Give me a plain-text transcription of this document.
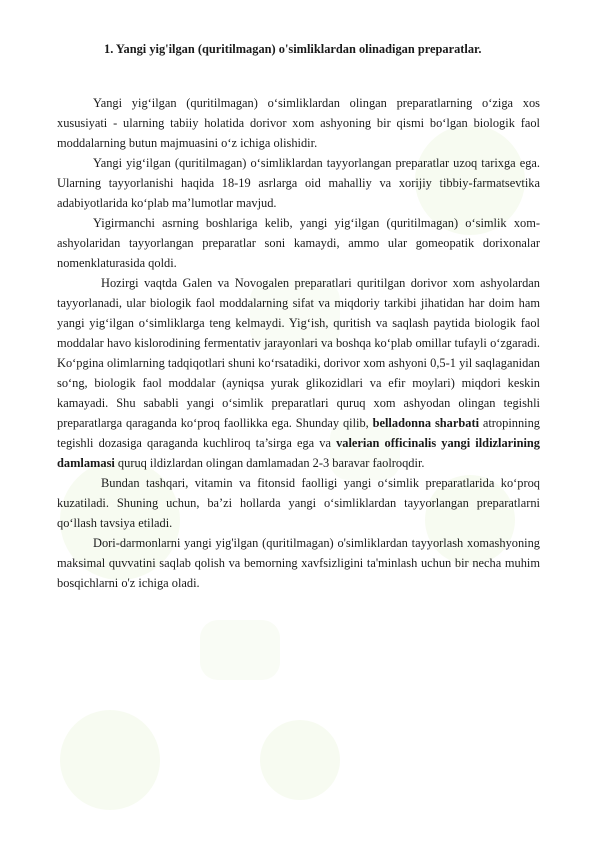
1. Yangi yig'ilgan (quritilmagan) o'simliklardan olinadigan preparatlar.

Yangi yig‘ilgan (quritilmagan) o‘simliklardan olingan preparatlarning o‘ziga xos xususiyati - ularning tabiiy holatida dorivor xom ashyoning bir qismi bo‘lgan biologik faol moddalarning butun majmuasini o‘z ichiga olishidir.

Yangi yig‘ilgan (quritilmagan) o‘simliklardan tayyorlangan preparatlar uzoq tarixga ega. Ularning tayyorlanishi haqida 18-19 asrlarga oid mahalliy va xorijiy tibbiy-farmatsevtika adabiyotlarida ko‘plab ma’lumotlar mavjud.

Yigirmanchi asrning boshlariga kelib, yangi yig‘ilgan (quritilmagan) o‘simlik xom-ashyolaridan tayyorlangan preparatlar soni kamaydi, ammo ular gomeopatik dorixonalar nomenklaturasida qoldi.

Hozirgi vaqtda Galen va Novogalen preparatlari quritilgan dorivor xom ashyolardan tayyorlanadi, ular biologik faol moddalarning sifat va miqdoriy tarkibi jihatidan har doim ham yangi yig‘ilgan o‘simliklarga teng kelmaydi. Yig‘ish, quritish va saqlash paytida biologik faol moddalar havo kislorodining fermentativ jarayonlari va boshqa ko‘plab omillar tufayli o‘zgaradi. Ko‘pgina olimlarning tadqiqotlari shuni ko‘rsatadiki, dorivor xom ashyoni 0,5-1 yil saqlaganidan so‘ng, biologik faol moddalar (ayniqsa yurak glikozidlari va efir moylari) miqdori keskin kamayadi. Shu sababli yangi o‘simlik preparatlari quruq xom ashyodan olingan tegishli preparatlarga qaraganda ko‘proq faollikka ega. Shunday qilib, belladonna sharbati atropinning tegishli dozasiga qaraganda kuchliroq ta’sirga ega va valerian officinalis yangi ildizlarining damlamasi quruq ildizlardan olingan damlamadan 2-3 baravar faolroqdir.

Bundan tashqari, vitamin va fitonsid faolligi yangi o‘simlik preparatlarida ko‘proq kuzatiladi. Shuning uchun, ba’zi hollarda yangi o‘simliklardan tayyorlangan preparatlarni qo‘llash tavsiya etiladi.

Dori-darmonlarni yangi yig'ilgan (quritilmagan) o'simliklardan tayyorlash xomashyoning maksimal quvvatini saqlab qolish va bemorning xavfsizligini ta'minlash uchun bir necha muhim bosqichlarni o'z ichiga oladi.
